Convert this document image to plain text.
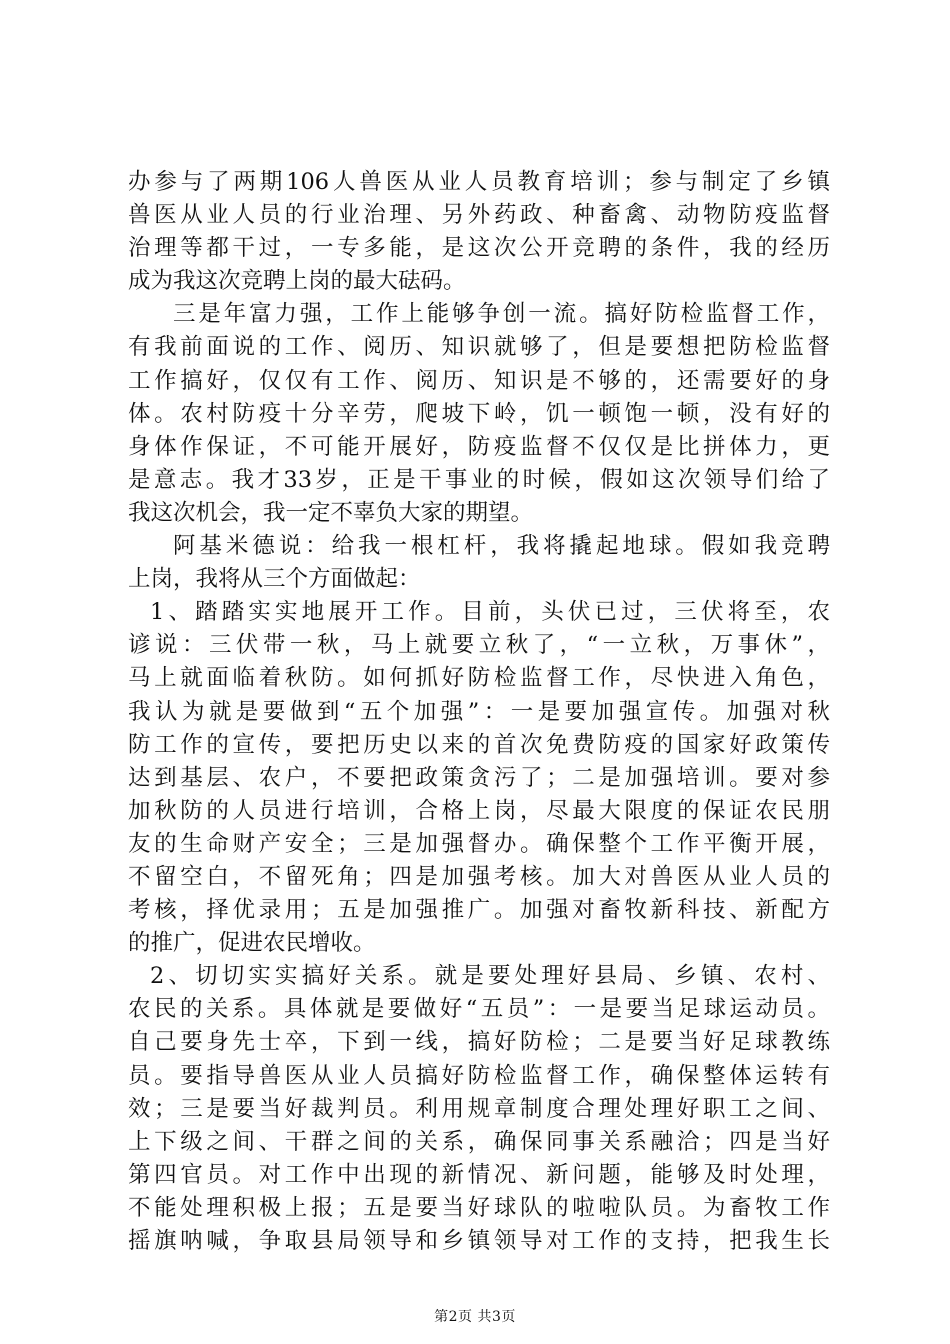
办参与了两期106人兽医从业人员教育培训；参与制定了乡镇
兽医从业人员的行业治理、另外药政、种畜禽、动物防疫监督
治理等都干过，一专多能，是这次公开竞聘的条件，我的经历
成为我这次竞聘上岗的最大砝码。
三是年富力强，工作上能够争创一流。搞好防检监督工作，
有我前面说的工作、阅历、知识就够了，但是要想把防检监督
工作搞好，仅仅有工作、阅历、知识是不够的，还需要好的身
体。农村防疫十分辛劳，爬坡下岭，饥一顿饱一顿，没有好的
身体作保证，不可能开展好，防疫监督不仅仅是比拼体力，更
是意志。我才33岁，正是干事业的时候，假如这次领导们给了
我这次机会，我一定不辜负大家的期望。
阿基米德说：给我一根杠杆，我将撬起地球。假如我竞聘
上岗，我将从三个方面做起：
1、踏踏实实地展开工作。目前，头伏已过，三伏将至，农
谚说：三伏带一秋，马上就要立秋了，“一立秋，万事休”，
马上就面临着秋防。如何抓好防检监督工作，尽快进入角色，
我认为就是要做到“五个加强”：一是要加强宣传。加强对秋
防工作的宣传，要把历史以来的首次免费防疫的国家好政策传
达到基层、农户，不要把政策贪污了；二是加强培训。要对参
加秋防的人员进行培训，合格上岗，尽最大限度的保证农民朋
友的生命财产安全；三是加强督办。确保整个工作平衡开展，
不留空白，不留死角；四是加强考核。加大对兽医从业人员的
考核，择优录用；五是加强推广。加强对畜牧新科技、新配方
的推广，促进农民增收。
2、切切实实搞好关系。就是要处理好县局、乡镇、农村、
农民的关系。具体就是要做好“五员”：一是要当足球运动员。
自己要身先士卒，下到一线，搞好防检；二是要当好足球教练
员。要指导兽医从业人员搞好防检监督工作，确保整体运转有
效；三是要当好裁判员。利用规章制度合理处理好职工之间、
上下级之间、干群之间的关系，确保同事关系融洽；四是当好
第四官员。对工作中出现的新情况、新问题，能够及时处理，
不能处理积极上报；五是要当好球队的啦啦队员。为畜牧工作
摇旗呐喊，争取县局领导和乡镇领导对工作的支持，把我生长
第2页 共3页
